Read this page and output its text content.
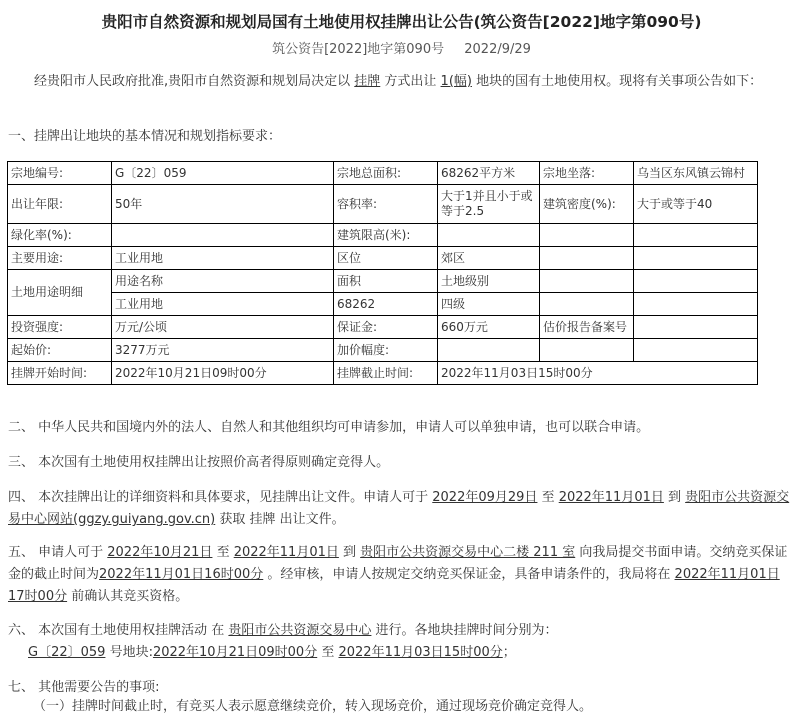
贵阳市自然资源和规划局国有土地使用权挂牌出让公告(筑公资告[2022]地字第090号)
筑公资告[2022]地字第090号 2022/9/29
经贵阳市人民政府批准,贵阳市自然资源和规划局决定以 挂牌 方式出让 1(幅) 地块的国有土地使用权。现将有关事项公告如下：
一、挂牌出让地块的基本情况和规划指标要求：
宗地编号:	G〔22〕059	宗地总面积:	68262平方米	宗地坐落:	乌当区东风镇云锦村
出让年限:	50年	容积率:	大于1并且小于或等于2.5	建筑密度(%):	大于或等于40
绿化率(%):		建筑限高(米):			
主要用途:	工业用地	区位	郊区		
土地用途明细	用途名称	面积	土地级别		
	工业用地	68262	四级		
投资强度:	万元/公顷	保证金:	660万元	估价报告备案号	
起始价:	3277万元	加价幅度:			
挂牌开始时间:	2022年10月21日09时00分	挂牌截止时间:	2022年11月03日15时00分		
二、 中华人民共和国境内外的法人、自然人和其他组织均可申请参加，申请人可以单独申请，也可以联合申请。
三、 本次国有土地使用权挂牌出让按照价高者得原则确定竞得人。
四、 本次挂牌出让的详细资料和具体要求，见挂牌出让文件。申请人可于 2022年09月29日 至 2022年11月01日 到 贵阳市公共资源交易中心网站(ggzy.guiyang.gov.cn) 获取 挂牌 出让文件。
五、 申请人可于 2022年10月21日 至 2022年11月01日 到 贵阳市公共资源交易中心二楼 211 室 向我局提交书面申请。交纳竞买保证金的截止时间为2022年11月01日16时00分 。经审核，申请人按规定交纳竞买保证金，具备申请条件的，我局将在 2022年11月01日17时00分 前确认其竞买资格。
六、 本次国有土地使用权挂牌活动 在 贵阳市公共资源交易中心 进行。各地块挂牌时间分别为：
G〔22〕059 号地块:2022年10月21日09时00分 至 2022年11月03日15时00分；
七、 其他需要公告的事项:
（一）挂牌时间截止时，有竞买人表示愿意继续竞价，转入现场竞价，通过现场竞价确定竞得人。
